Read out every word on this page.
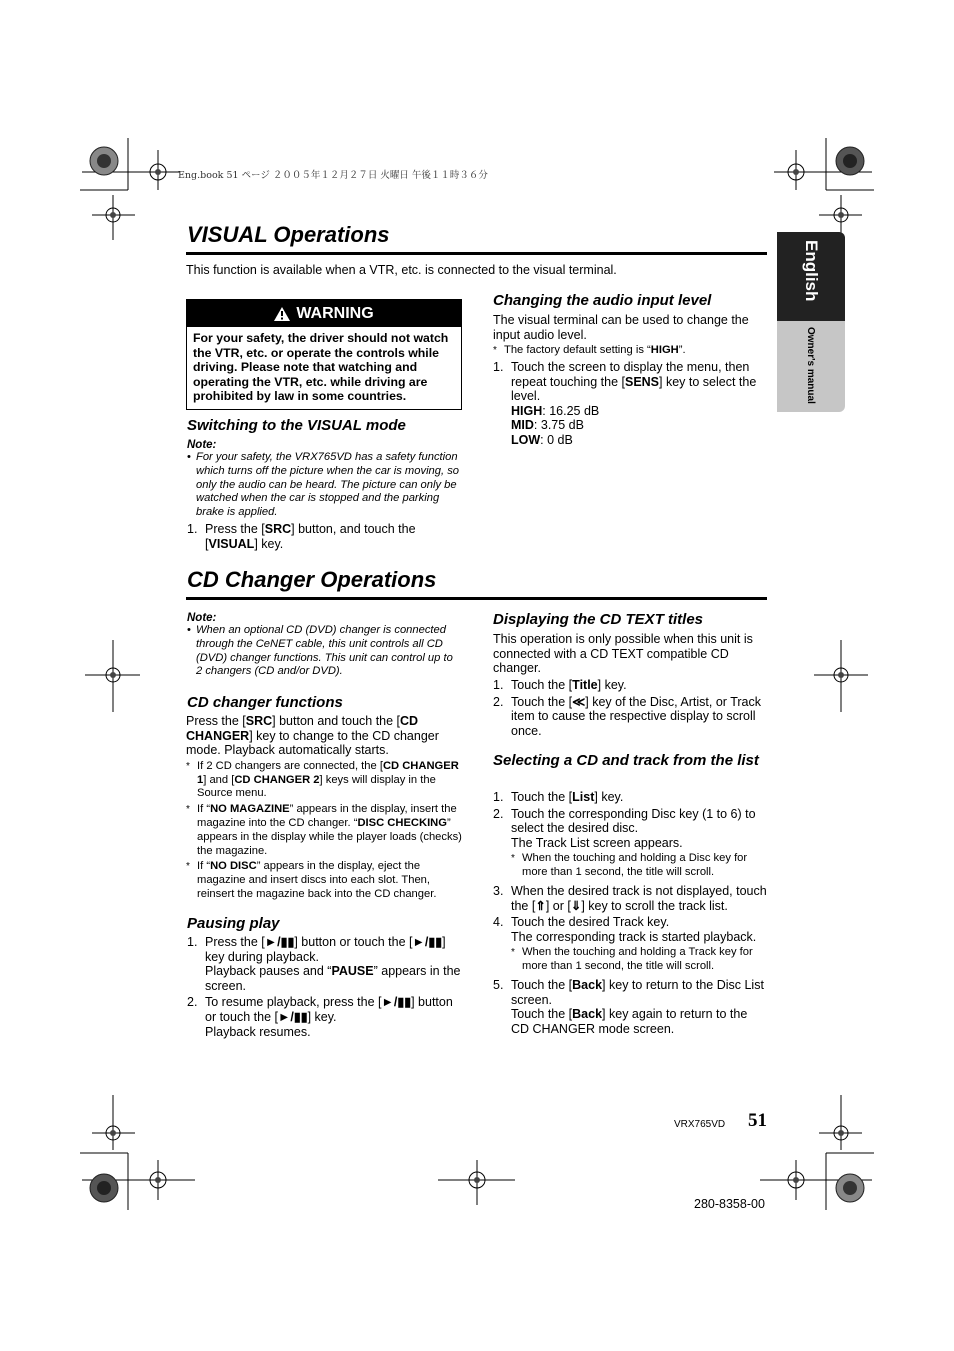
Eng.book 51 ページ ２００５年１２月２７日 火曜日 午後１１時３６分
English
Owner's manual
VISUAL Operations
This function is available when a VTR, etc. is connected to the visual terminal.
WARNING
For your safety, the driver should not watch the VTR, etc. or operate the controls while driving. Please note that watching and operating the VTR, etc. while driving are prohibited by law in some countries.
Switching to the VISUAL mode
Note:
• For your safety, the VRX765VD has a safety function which turns off the picture when the car is moving, so only the audio can be heard. The picture can only be watched when the car is stopped and the parking brake is applied.
1. Press the [SRC] button, and touch the [VISUAL] key.
Changing the audio input level
The visual terminal can be used to change the input audio level.
* The factory default setting is “HIGH”.
1. Touch the screen to display the menu, then repeat touching the [SENS] key to select the level.
HIGH: 16.25 dB
MID: 3.75 dB
LOW: 0 dB
CD Changer Operations
Note:
• When an optional CD (DVD) changer is connected through the CeNET cable, this unit controls all CD (DVD) changer functions. This unit can control up to 2 changers (CD and/or DVD).
CD changer functions
Press the [SRC] button and touch the [CD CHANGER] key to change to the CD changer mode. Playback automatically starts.
* If 2 CD changers are connected, the [CD CHANGER 1] and [CD CHANGER 2] keys will display in the Source menu.
* If “NO MAGAZINE” appears in the display, insert the magazine into the CD changer. “DISC CHECKING” appears in the display while the player loads (checks) the magazine.
* If “NO DISC” appears in the display, eject the magazine and insert discs into each slot. Then, reinsert the magazine back into the CD changer.
Pausing play
1. Press the [►/▮▮] button or touch the [►/▮▮] key during playback.
Playback pauses and “PAUSE” appears in the screen.
2. To resume playback, press the [►/▮▮] button or touch the [►/▮▮] key.
Playback resumes.
Displaying the CD TEXT titles
This operation is only possible when this unit is connected with a CD TEXT compatible CD changer.
1. Touch the [Title] key.
2. Touch the [≪] key of the Disc, Artist, or Track item to cause the respective display to scroll once.
Selecting a CD and track from the list
1. Touch the [List] key.
2. Touch the corresponding Disc key (1 to 6) to select the desired disc.
The Track List screen appears.
* When the touching and holding a Disc key for more than 1 second, the title will scroll.
3. When the desired track is not displayed, touch the [⇑] or [⇓] key to scroll the track list.
4. Touch the desired Track key.
The corresponding track is started playback.
* When the touching and holding a Track key for more than 1 second, the title will scroll.
5. Touch the [Back] key to return to the Disc List screen.
Touch the [Back] key again to return to the CD CHANGER mode screen.
VRX765VD 51
280-8358-00
